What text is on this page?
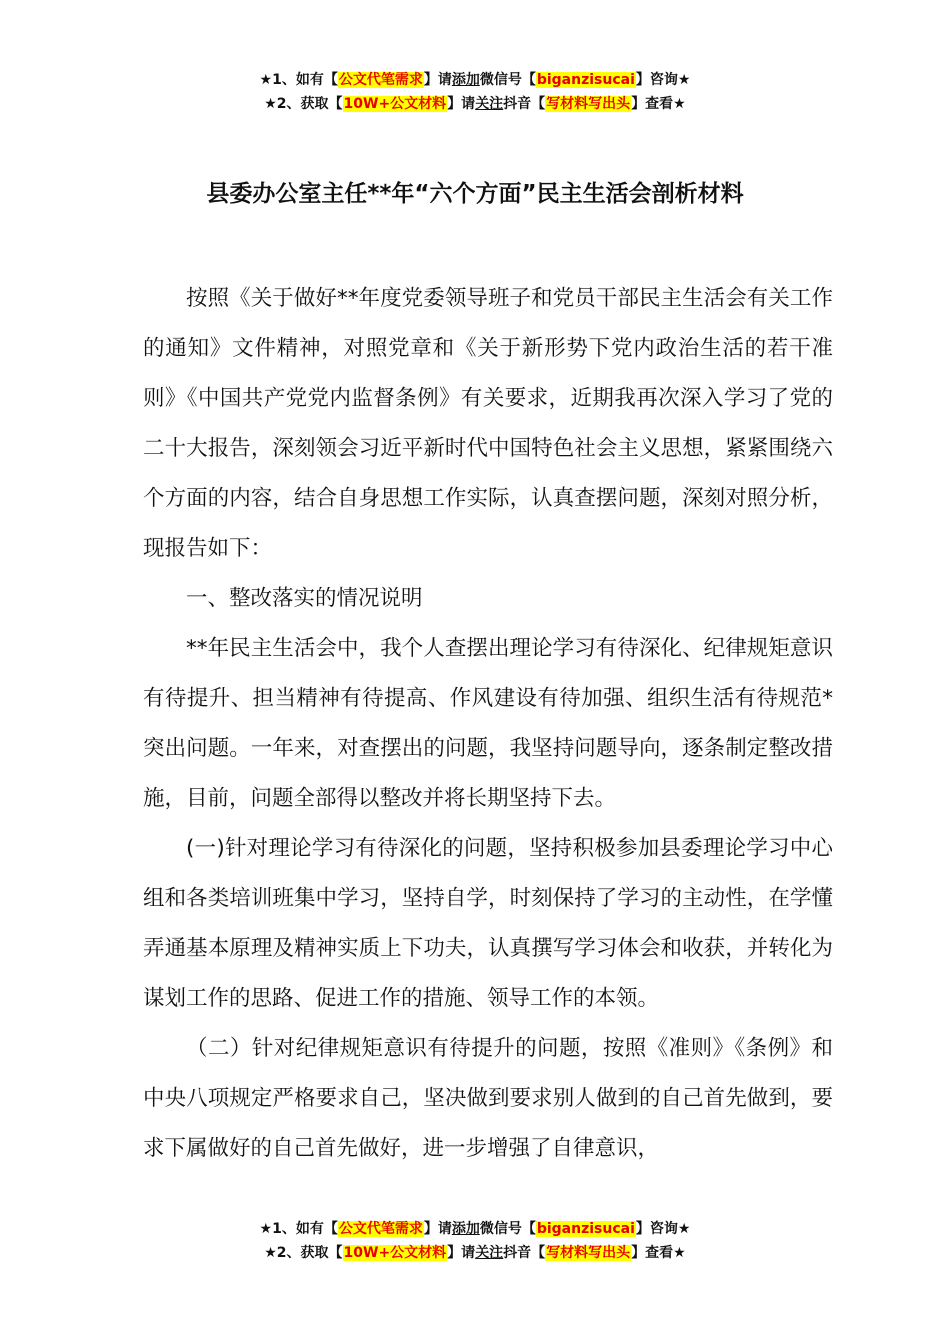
★1、如有【公文代笔需求】请添加微信号【biganzisucai】咨询★
★2、获取【10W+公文材料】请关注抖音【写材料写出头】查看★
县委办公室主任**年“六个方面”民主生活会剖析材料

按照《关于做好**年度党委领导班子和党员干部民主生活会有关工作的通知》文件精神，对照党章和《关于新形势下党内政治生活的若干准则》《中国共产党党内监督条例》有关要求，近期我再次深入学习了党的二十大报告，深刻领会习近平新时代中国特色社会主义思想，紧紧围绕六个方面的内容，结合自身思想工作实际，认真查摆问题，深刻对照分析，现报告如下：

一、整改落实的情况说明

**年民主生活会中，我个人查摆出理论学习有待深化、纪律规矩意识有待提升、担当精神有待提高、作风建设有待加强、组织生活有待规范*突出问题。一年来，对查摆出的问题，我坚持问题导向，逐条制定整改措施，目前，问题全部得以整改并将长期坚持下去。

(一)针对理论学习有待深化的问题，坚持积极参加县委理论学习中心组和各类培训班集中学习，坚持自学，时刻保持了学习的主动性，在学懂弄通基本原理及精神实质上下功夫，认真撰写学习体会和收获，并转化为谋划工作的思路、促进工作的措施、领导工作的本领。

（二）针对纪律规矩意识有待提升的问题，按照《准则》《条例》和中央八项规定严格要求自己，坚决做到要求别人做到的自己首先做到，要求下属做好的自己首先做好，进一步增强了自律意识，

★1、如有【公文代笔需求】请添加微信号【biganzisucai】咨询★
★2、获取【10W+公文材料】请关注抖音【写材料写出头】查看★
